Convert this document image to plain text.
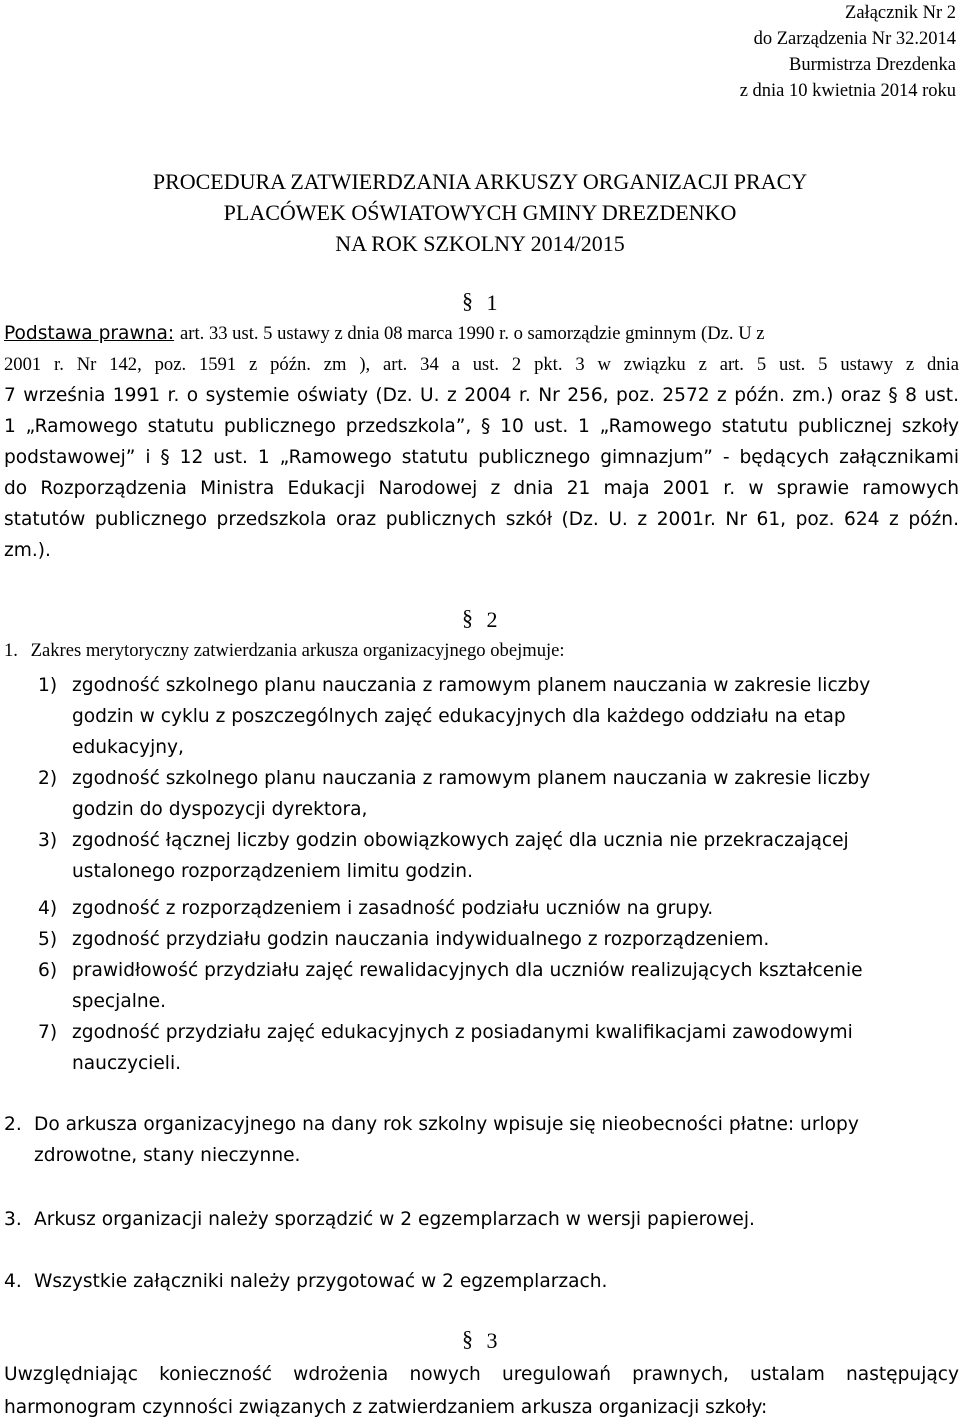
Załącznik Nr 2
do Zarządzenia Nr 32.2014
Burmistrza Drezdenka
z dnia 10 kwietnia 2014 roku
PROCEDURA ZATWIERDZANIA ARKUSZY ORGANIZACJI PRACY
PLACÓWEK OŚWIATOWYCH GMINY DREZDENKO
NA ROK SZKOLNY 2014/2015
§ 1
Podstawa prawna: art. 33 ust. 5 ustawy z dnia 08 marca 1990 r. o samorządzie gminnym (Dz. U z
2001 r. Nr 142, poz. 1591 z późn. zm ), art. 34 a ust. 2 pkt. 3 w związku z art. 5 ust. 5 ustawy z dnia
7 września 1991 r. o systemie oświaty (Dz. U. z 2004 r. Nr 256, poz. 2572 z późn. zm.) oraz § 8 ust.
1 „Ramowego statutu publicznego przedszkola”, § 10 ust. 1 „Ramowego statutu publicznej szkoły
podstawowej” i § 12 ust. 1 „Ramowego statutu publicznego gimnazjum” - będących załącznikami
do Rozporządzenia Ministra Edukacji Narodowej z dnia 21 maja 2001 r. w sprawie ramowych
statutów publicznego przedszkola oraz publicznych szkół (Dz. U. z 2001r. Nr 61, poz. 624 z późn.
zm.).
§ 2
1. Zakres merytoryczny zatwierdzania arkusza organizacyjnego obejmuje:
1) zgodność szkolnego planu nauczania z ramowym planem nauczania w zakresie liczby
godzin w cyklu z poszczególnych zajęć edukacyjnych dla każdego oddziału na etap
edukacyjny,
2) zgodność szkolnego planu nauczania z ramowym planem nauczania w zakresie liczby
godzin do dyspozycji dyrektora,
3) zgodność łącznej liczby godzin obowiązkowych zajęć dla ucznia nie przekraczającej
ustalonego rozporządzeniem limitu godzin.
4) zgodność z rozporządzeniem i zasadność podziału uczniów na grupy.
5) zgodność przydziału godzin nauczania indywidualnego z rozporządzeniem.
6) prawidłowość przydziału zajęć rewalidacyjnych dla uczniów realizujących kształcenie
specjalne.
7) zgodność przydziału zajęć edukacyjnych z posiadanymi kwalifikacjami zawodowymi
nauczycieli.
2. Do arkusza organizacyjnego na dany rok szkolny wpisuje się nieobecności płatne: urlopy
zdrowotne, stany nieczynne.
3. Arkusz organizacji należy sporządzić w 2 egzemplarzach w wersji papierowej.
4. Wszystkie załączniki należy przygotować w 2 egzemplarzach.
§ 3
Uwzględniając konieczność wdrożenia nowych uregulowań prawnych, ustalam następujący
harmonogram czynności związanych z zatwierdzaniem arkusza organizacji szkoły:
